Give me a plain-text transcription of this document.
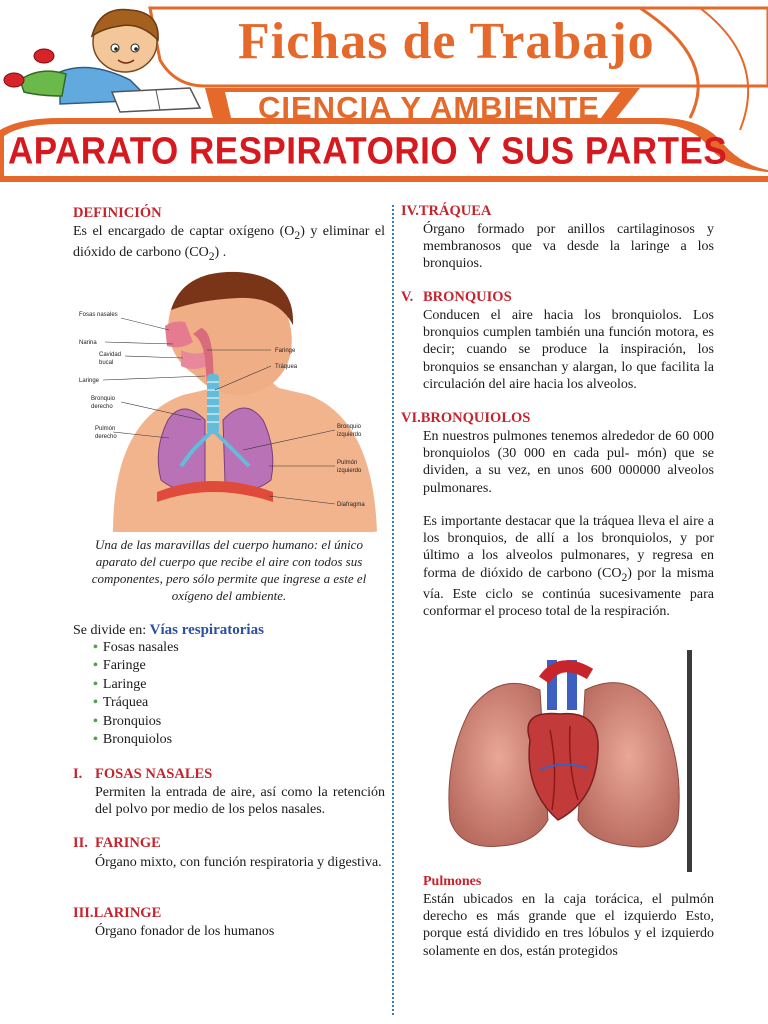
Fichas de Trabajo
CIENCIA Y AMBIENTE
APARATO RESPIRATORIO Y SUS PARTES
DEFINICIÓN
Es el encargado de captar oxígeno $(O_2)$ y eliminar el dióxido de carbono $(CO_2)$ .
Fosas nasales
Narina
Cavidad bucal
Laringe
Bronquio derecho
Pulmón derecho
Faringe
Tráquea
Bronquio izquierdo
Pulmón izquierdo
Diafragma
Una de las maravillas del cuerpo humano: el único aparato del cuerpo que recibe el aire con todos sus componentes, pero sólo permite que ingrese a este el oxígeno del ambiente.
Se divide en: Vías respiratorias
• Fosas nasales
• Faringe
• Laringe
• Tráquea
• Bronquios
• Bronquiolos
I. FOSAS NASALES
Permiten la entrada de aire, así como la retención del polvo por medio de los pelos nasales.
II. FARINGE
Órgano mixto, con función respiratoria y digestiva.
III.LARINGE
Órgano fonador de los humanos
IV.TRÁQUEA
Órgano formado por anillos cartilaginosos y membranosos que va desde la laringe a los bronquios.
V. BRONQUIOS
Conducen el aire hacia los bronquiolos. Los bronquios cumplen también una función motora, es decir; cuando se produce la inspiración, los bronquios se ensanchan y alargan, lo que facilita la circulación del aire hacia los alveolos.
VI.BRONQUIOLOS
En nuestros pulmones tenemos alrededor de 60 000 bronquiolos (30 000 en cada pul- món) que se dividen, a su vez, en unos 600 000000 alveolos pulmonares.
Es importante destacar que la tráquea lleva el aire a los bronquios, de allí a los bronquiolos, y por último a los alveolos pulmonares, y regresa en forma de dióxido de carbono $(CO_2)$ por la misma vía. Este ciclo se continúa sucesivamente para conformar el proceso total de la respiración.
Pulmones
Están ubicados en la caja torácica, el pulmón derecho es más grande que el izquierdo Esto, porque está dividido en tres lóbulos y el izquierdo solamente en dos, están protegidos
